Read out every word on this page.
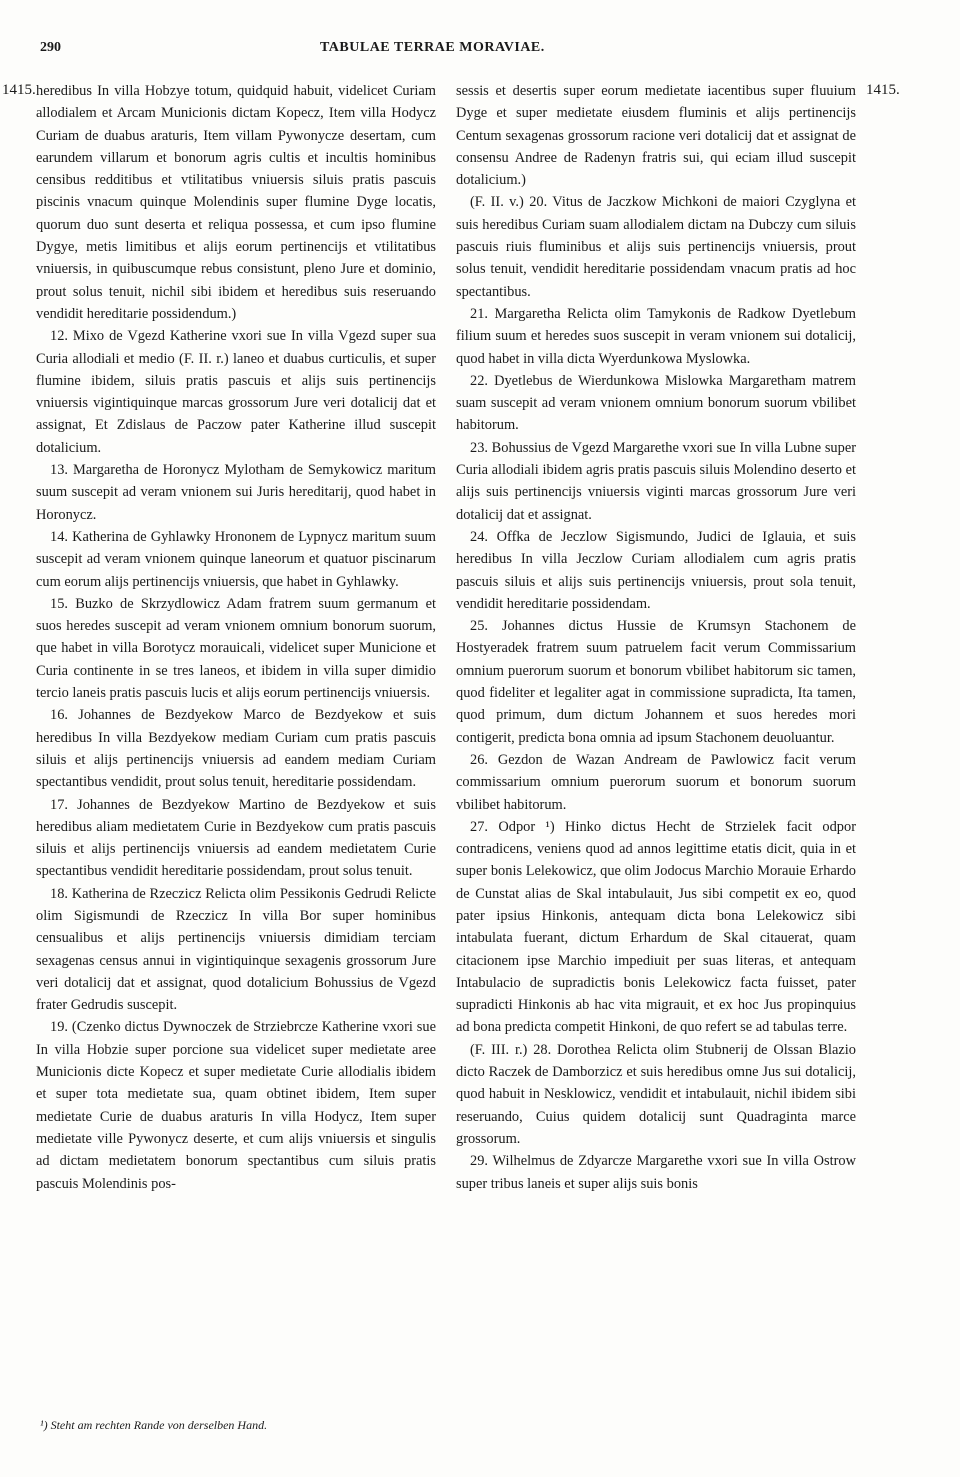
290	TABULAE TERRAE MORAVIAE.
1415.	1415.

heredibus In villa Hobzye totum, quidquid habuit, videlicet Curiam allodialem et Arcam Municionis dictam Kopecz, Item villa Hodycz Curiam de duabus araturis, Item villam Pywonycze desertam, cum earundem villarum et bonorum agris cultis et incultis hominibus censibus redditibus et vtilitatibus vniuersis siluis pratis pascuis piscinis vnacum quinque Molendinis super flumine Dyge locatis, quorum duo sunt deserta et reliqua possessa, et cum ipso flumine Dygye, metis limitibus et alijs eorum pertinencijs et vtilitatibus vniuersis, in quibuscumque rebus consistunt, pleno Jure et dominio, prout solus tenuit, nichil sibi ibidem et heredibus suis reseruando vendidit hereditarie possidendum.)

12. Mixo de Vgezd Katherine vxori sue In villa Vgezd super sua Curia allodiali et medio (F. II. r.) laneo et duabus curticulis, et super flumine ibidem, siluis pratis pascuis et alijs suis pertinencijs vniuersis vigintiquinque marcas grossorum Jure veri dotalicij dat et assignat, Et Zdislaus de Paczow pater Katherine illud suscepit dotalicium.

13. Margaretha de Horonycz Mylotham de Semykowicz maritum suum suscepit ad veram vnionem sui Juris hereditarij, quod habet in Horonycz.

14. Katherina de Gyhlawky Hrononem de Lypnycz maritum suum suscepit ad veram vnionem quinque laneorum et quatuor piscinarum cum eorum alijs pertinencijs vniuersis, que habet in Gyhlawky.

15. Buzko de Skrzydlowicz Adam fratrem suum germanum et suos heredes suscepit ad veram vnionem omnium bonorum suorum, que habet in villa Borotycz morauicali, videlicet super Municione et Curia continente in se tres laneos, et ibidem in villa super dimidio tercio laneis pratis pascuis lucis et alijs eorum pertinencijs vniuersis.

16. Johannes de Bezdyekow Marco de Bezdyekow et suis heredibus In villa Bezdyekow mediam Curiam cum pratis pascuis siluis et alijs pertinencijs vniuersis ad eandem mediam Curiam spectantibus vendidit, prout solus tenuit, hereditarie possidendam.

17. Johannes de Bezdyekow Martino de Bezdyekow et suis heredibus aliam medietatem Curie in Bezdyekow cum pratis pascuis siluis et alijs pertinencijs vniuersis ad eandem medietatem Curie spectantibus vendidit hereditarie possidendam, prout solus tenuit.

18. Katherina de Rzeczicz Relicta olim Pessikonis Gedrudi Relicte olim Sigismundi de Rzeczicz In villa Bor super hominibus censualibus et alijs pertinencijs vniuersis dimidiam terciam sexagenas census annui in vigintiquinque sexagenis grossorum Jure veri dotalicij dat et assignat, quod dotalicium Bohussius de Vgezd frater Gedrudis suscepit.

19. (Czenko dictus Dywnoczek de Strziebrcze Katherine vxori sue In villa Hobzie super porcione sua videlicet super medietate aree Municionis dicte Kopecz et super medietate Curie allodialis ibidem et super tota medietate sua, quam obtinet ibidem, Item super medietate Curie de duabus araturis In villa Hodycz, Item super medietate ville Pywonycz deserte, et cum alijs vniuersis et singulis ad dictam medietatem bonorum spectantibus cum siluis pratis pascuis Molendinis pos-

sessis et desertis super eorum medietate iacentibus super fluuium Dyge et super medietate eiusdem fluminis et alijs pertinencijs Centum sexagenas grossorum racione veri dotalicij dat et assignat de consensu Andree de Radenyn fratris sui, qui eciam illud suscepit dotalicium.)

(F. II. v.) 20. Vitus de Jaczkow Michkoni de maiori Czyglyna et suis heredibus Curiam suam allodialem dictam na Dubczy cum siluis pascuis riuis fluminibus et alijs suis pertinencijs vniuersis, prout solus tenuit, vendidit hereditarie possidendam vnacum pratis ad hoc spectantibus.

21. Margaretha Relicta olim Tamykonis de Radkow Dyetlebum filium suum et heredes suos suscepit in veram vnionem sui dotalicij, quod habet in villa dicta Wyerdunkowa Myslowka.

22. Dyetlebus de Wierdunkowa Mislowka Margaretham matrem suam suscepit ad veram vnionem omnium bonorum suorum vbilibet habitorum.

23. Bohussius de Vgezd Margarethe vxori sue In villa Lubne super Curia allodiali ibidem agris pratis pascuis siluis Molendino deserto et alijs suis pertinencijs vniuersis viginti marcas grossorum Jure veri dotalicij dat et assignat.

24. Offka de Jeczlow Sigismundo, Judici de Iglauia, et suis heredibus In villa Jeczlow Curiam allodialem cum agris pratis pascuis siluis et alijs suis pertinencijs vniuersis, prout sola tenuit, vendidit hereditarie possidendam.

25. Johannes dictus Hussie de Krumsyn Stachonem de Hostyeradek fratrem suum patruelem facit verum Commissarium omnium puerorum suorum et bonorum vbilibet habitorum sic tamen, quod fideliter et legaliter agat in commissione supradicta, Ita tamen, quod primum, dum dictum Johannem et suos heredes mori contigerit, predicta bona omnia ad ipsum Stachonem deuoluantur.

26. Gezdon de Wazan Andream de Pawlowicz facit verum commissarium omnium puerorum suorum et bonorum suorum vbilibet habitorum.

27. Odpor ¹) Hinko dictus Hecht de Strzielek facit odpor contradicens, veniens quod ad annos legittime etatis dicit, quia in et super bonis Lelekowicz, que olim Jodocus Marchio Morauie Erhardo de Cunstat alias de Skal intabulauit, Jus sibi competit ex eo, quod pater ipsius Hinkonis, antequam dicta bona Lelekowicz sibi intabulata fuerant, dictum Erhardum de Skal citauerat, quam citacionem ipse Marchio impediuit per suas literas, et antequam Intabulacio de supradictis bonis Lelekowicz facta fuisset, pater supradicti Hinkonis ab hac vita migrauit, et ex hoc Jus propinquius ad bona predicta competit Hinkoni, de quo refert se ad tabulas terre.

(F. III. r.) 28. Dorothea Relicta olim Stubnerij de Olssan Blazio dicto Raczek de Damborzicz et suis heredibus omne Jus sui dotalicij, quod habuit in Nesklowicz, vendidit et intabulauit, nichil ibidem sibi reseruando, Cuius quidem dotalicij sunt Quadraginta marce grossorum.

29. Wilhelmus de Zdyarcze Margarethe vxori sue In villa Ostrow super tribus laneis et super alijs suis bonis

¹) Steht am rechten Rande von derselben Hand.
